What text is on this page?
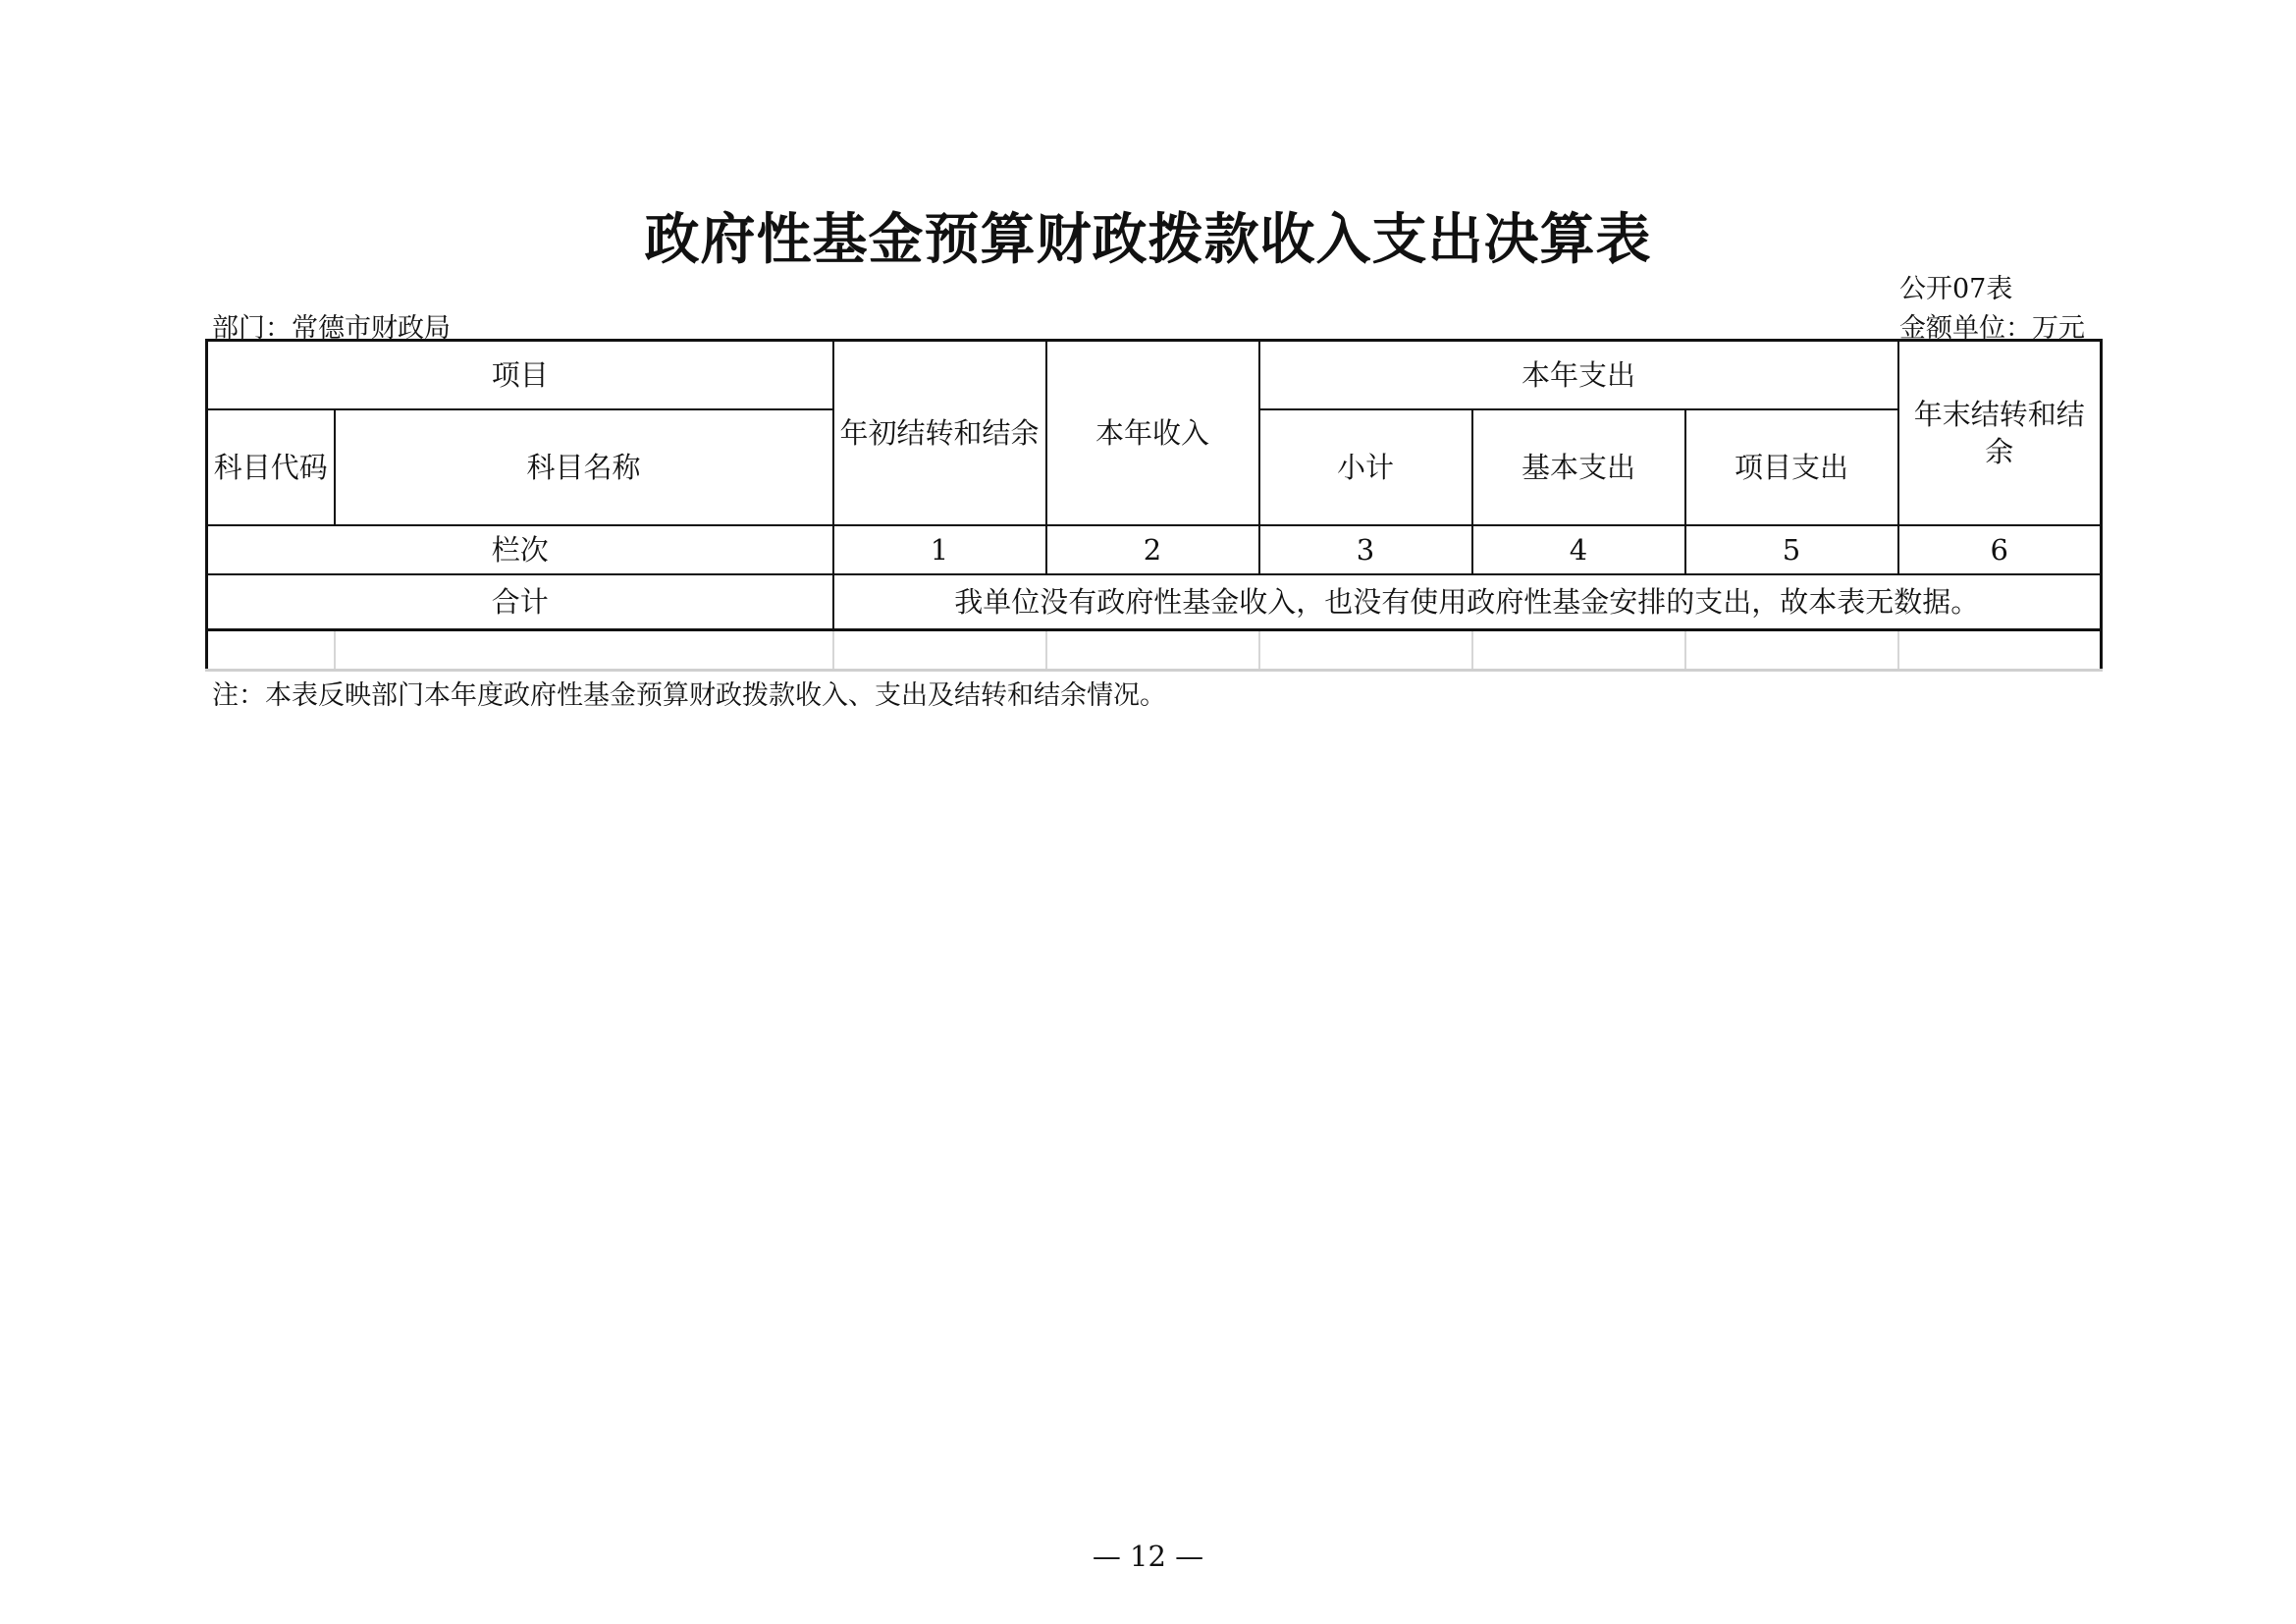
政府性基金预算财政拨款收入支出决算表
公开07表
部门：常德市财政局	金额单位：万元
项目		年初结转和结余	本年收入	本年支出			年末结转和结余
科目代码	科目名称			小计	基本支出	项目支出	
栏次		1	2	3	4	5	6
合计		我单位没有政府性基金收入，也没有使用政府性基金安排的支出，故本表无数据。					

注：本表反映部门本年度政府性基金预算财政拨款收入、支出及结转和结余情况。
— 12 —
